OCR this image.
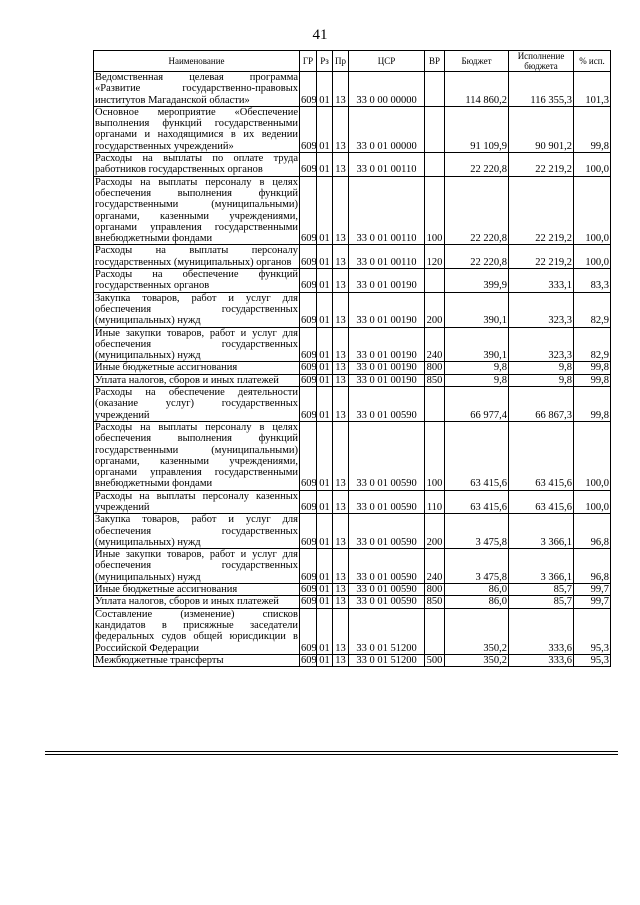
41
Наименование	ГР	Рз	Пр	ЦСР	ВР	Бюджет	Исполнение бюджета	% исп.
Ведомственная целевая программа «Развитие государственно-правовых институтов Магаданской области»	609	01	13	33 0 00 00000		114 860,2	116 355,3	101,3
Основное мероприятие «Обеспечение выполнения функций государственными органами и находящимися в их ведении государственных учреждений»	609	01	13	33 0 01 00000		91 109,9	90 901,2	99,8
Расходы на выплаты по оплате труда работников государственных органов	609	01	13	33 0 01 00110		22 220,8	22 219,2	100,0
Расходы на выплаты персоналу в целях обеспечения выполнения функций государственными (муниципальными) органами, казенными учреждениями, органами управления государственными внебюджетными фондами	609	01	13	33 0 01 00110	100	22 220,8	22 219,2	100,0
Расходы на выплаты персоналу государственных (муниципальных) органов	609	01	13	33 0 01 00110	120	22 220,8	22 219,2	100,0
Расходы на обеспечение функций государственных органов	609	01	13	33 0 01 00190		399,9	333,1	83,3
Закупка товаров, работ и услуг для обеспечения государственных (муниципальных) нужд	609	01	13	33 0 01 00190	200	390,1	323,3	82,9
Иные закупки товаров, работ и услуг для обеспечения государственных (муниципальных) нужд	609	01	13	33 0 01 00190	240	390,1	323,3	82,9
Иные бюджетные ассигнования	609	01	13	33 0 01 00190	800	9,8	9,8	99,8
Уплата налогов, сборов и иных платежей	609	01	13	33 0 01 00190	850	9,8	9,8	99,8
Расходы на обеспечение деятельности (оказание услуг) государственных учреждений	609	01	13	33 0 01 00590		66 977,4	66 867,3	99,8
Расходы на выплаты персоналу в целях обеспечения выполнения функций государственными (муниципальными) органами, казенными учреждениями, органами управления государственными внебюджетными фондами	609	01	13	33 0 01 00590	100	63 415,6	63 415,6	100,0
Расходы на выплаты персоналу казенных учреждений	609	01	13	33 0 01 00590	110	63 415,6	63 415,6	100,0
Закупка товаров, работ и услуг для обеспечения государственных (муниципальных) нужд	609	01	13	33 0 01 00590	200	3 475,8	3 366,1	96,8
Иные закупки товаров, работ и услуг для обеспечения государственных (муниципальных) нужд	609	01	13	33 0 01 00590	240	3 475,8	3 366,1	96,8
Иные бюджетные ассигнования	609	01	13	33 0 01 00590	800	86,0	85,7	99,7
Уплата налогов, сборов и иных платежей	609	01	13	33 0 01 00590	850	86,0	85,7	99,7
Составление (изменение) списков кандидатов в присяжные заседатели федеральных судов общей юрисдикции в Российской Федерации	609	01	13	33 0 01 51200		350,2	333,6	95,3
Межбюджетные трансферты	609	01	13	33 0 01 51200	500	350,2	333,6	95,3
